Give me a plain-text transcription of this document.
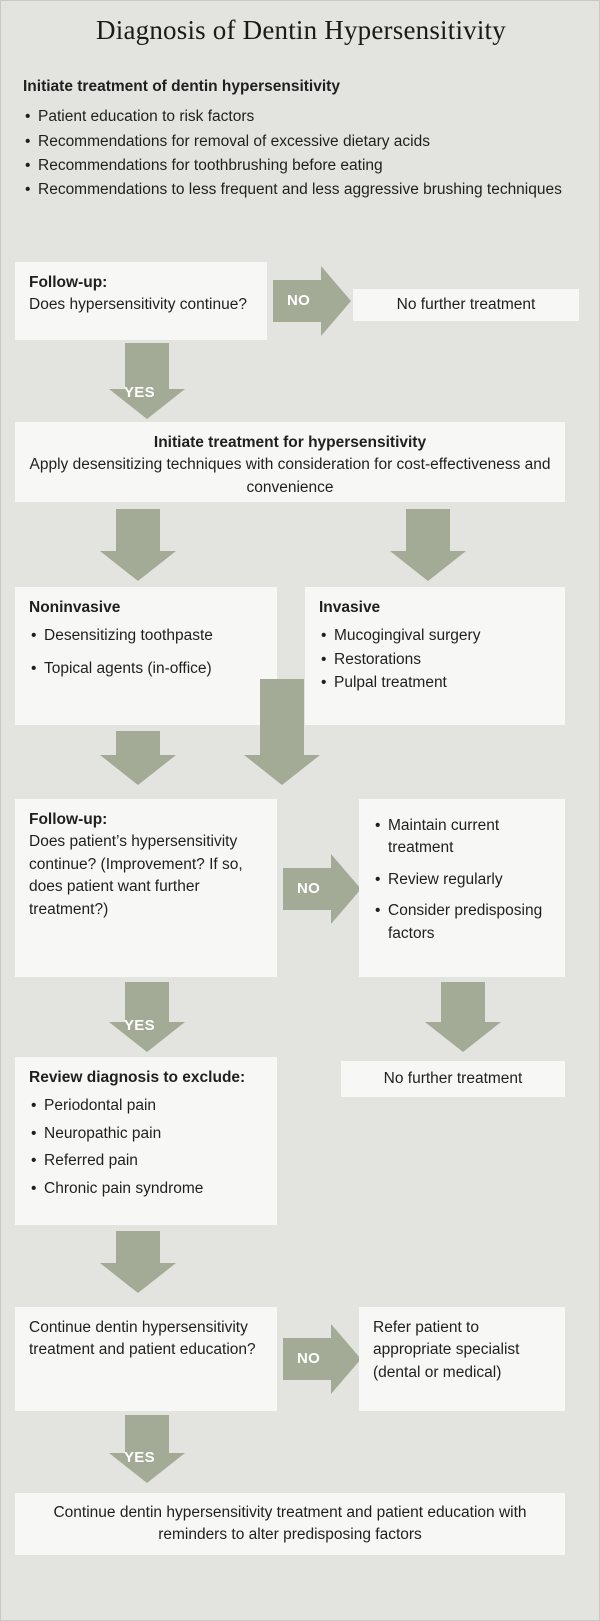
Diagnosis of Dentin Hypersensitivity
Initiate treatment of dentin hypersensitivity
• Patient education to risk factors
• Recommendations for removal of excessive dietary acids
• Recommendations for toothbrushing before eating
• Recommendations to less frequent and less aggressive brushing techniques
Follow-up:
Does hypersensitivity continue?	NO	No further treatment
YES
Initiate treatment for hypersensitivity
Apply desensitizing techniques with consideration for cost-effectiveness and convenience
Noninvasive
• Desensitizing toothpaste
• Topical agents (in-office)
Invasive
• Mucogingival surgery
• Restorations
• Pulpal treatment
Follow-up:
Does patient’s hypersensitivity continue? (Improvement? If so, does patient want further treatment?)
NO
• Maintain current treatment
• Review regularly
• Consider predisposing factors
YES
No further treatment
Review diagnosis to exclude:
• Periodontal pain
• Neuropathic pain
• Referred pain
• Chronic pain syndrome
Continue dentin hypersensitivity treatment and patient education?
NO
Refer patient to appropriate specialist (dental or medical)
YES
Continue dentin hypersensitivity treatment and patient education with reminders to alter predisposing factors
